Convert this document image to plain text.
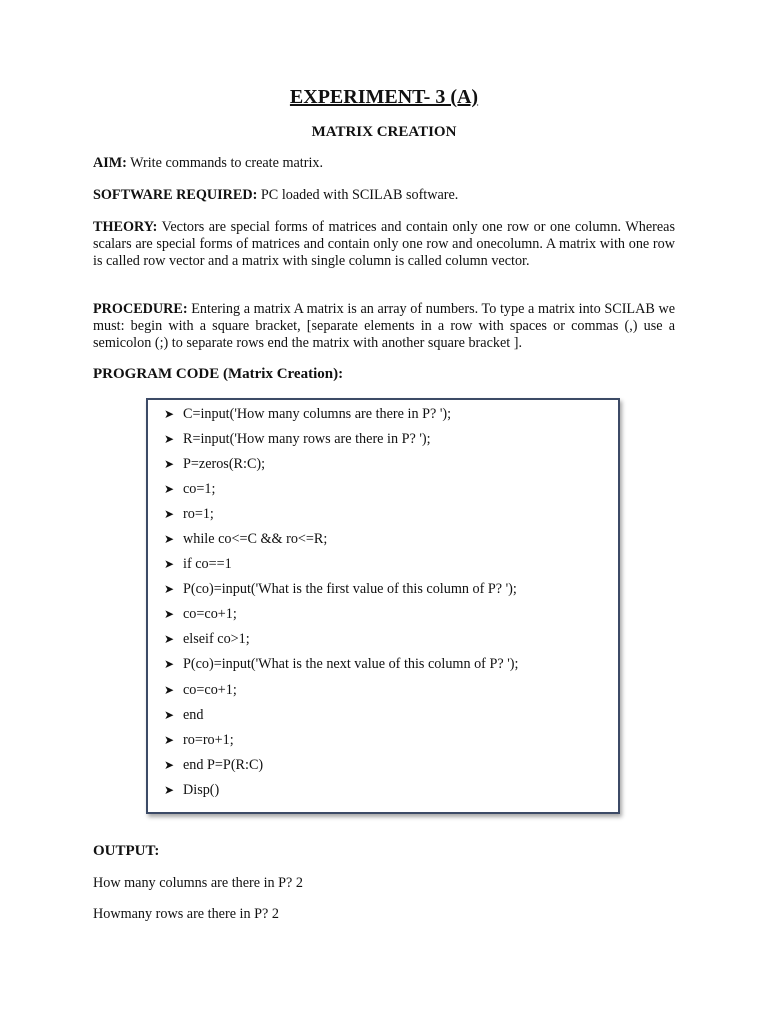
EXPERIMENT- 3 (A)
MATRIX CREATION
AIM: Write commands to create matrix.
SOFTWARE REQUIRED: PC loaded with SCILAB software.
THEORY: Vectors are special forms of matrices and contain only one row or one column. Whereas scalars are special forms of matrices and contain only one row and onecolumn. A matrix with one row is called row vector and a matrix with single column is called column vector.
PROCEDURE: Entering a matrix A matrix is an array of numbers. To type a matrix into SCILAB we must: begin with a square bracket, [separate elements in a row with spaces or commas (,) use a semicolon (;) to separate rows end the matrix with another square bracket ].
PROGRAM CODE (Matrix Creation):
➤ C=input('How many columns are there in P? ');
➤ R=input('How many rows are there in P? ');
➤ P=zeros(R:C);
➤ co=1;
➤ ro=1;
➤ while co<=C && ro<=R;
➤ if co==1
➤ P(co)=input('What is the first value of this column of P? ');
➤ co=co+1;
➤ elseif co>1;
➤ P(co)=input('What is the next value of this column of P? ');
➤ co=co+1;
➤ end
➤ ro=ro+1;
➤ end P=P(R:C)
➤ Disp()
OUTPUT:
How many columns are there in P? 2
Howmany rows are there in P? 2
